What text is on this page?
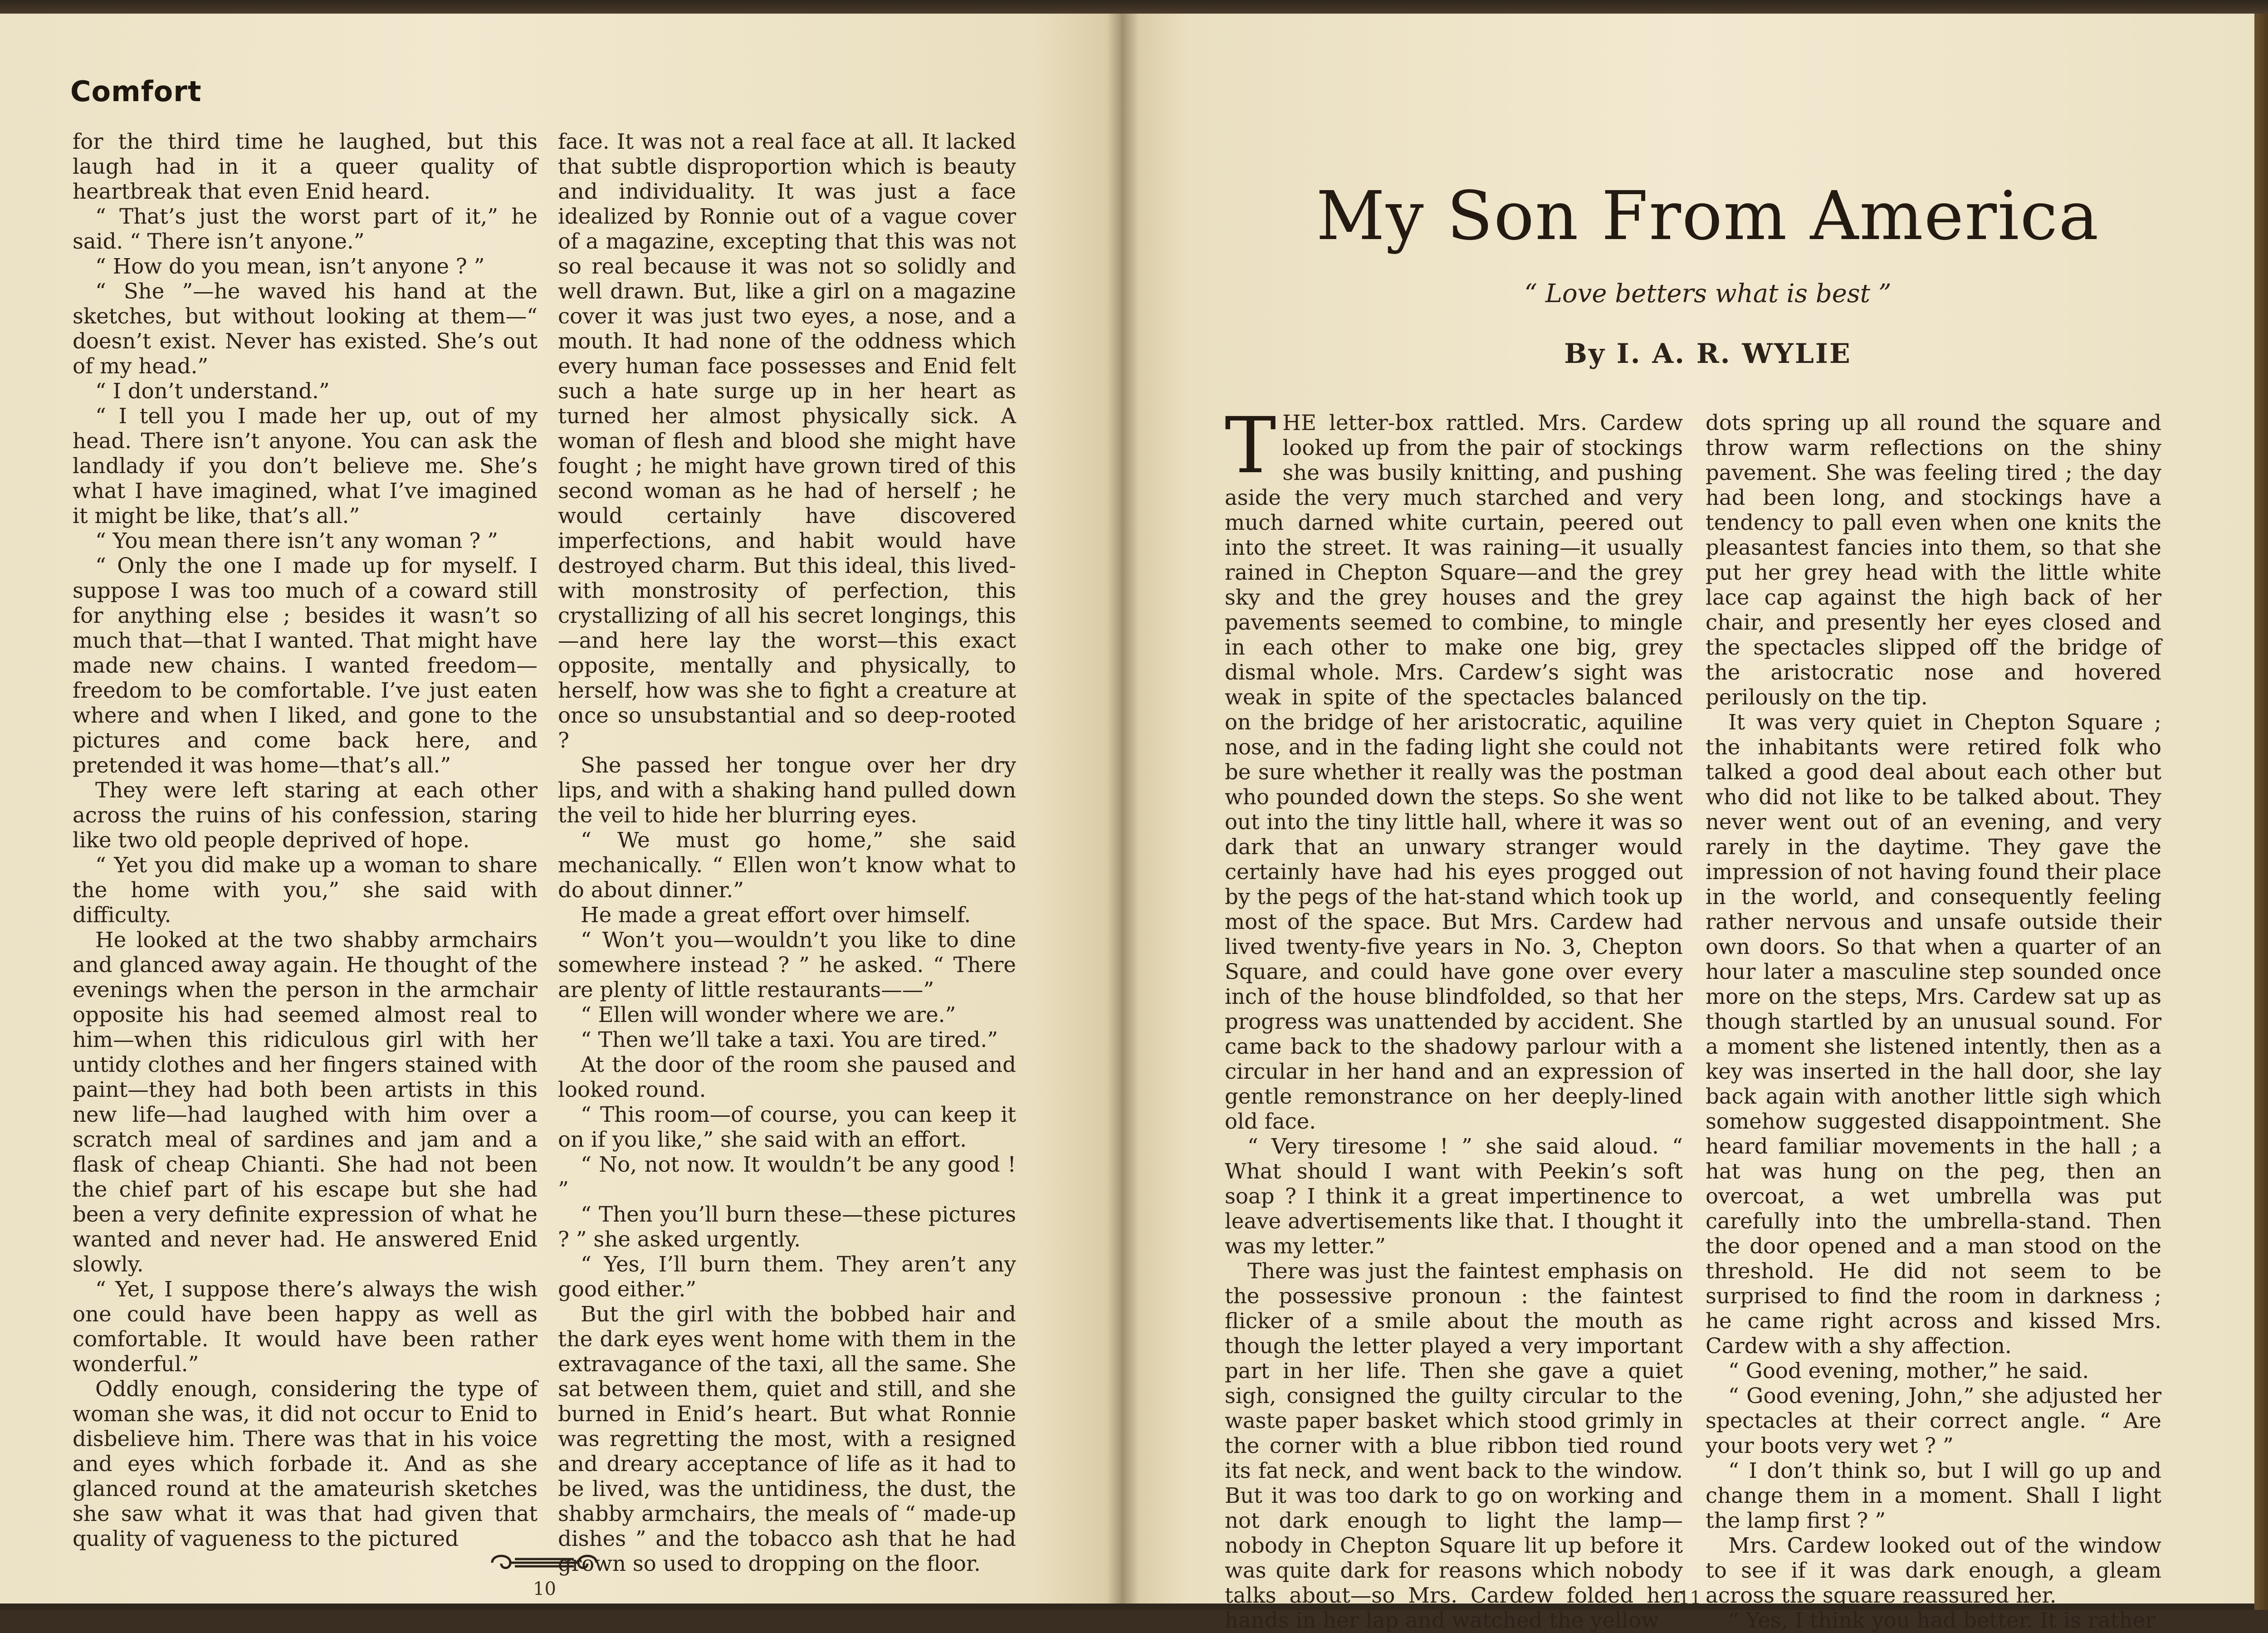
Comfort

for the third time he laughed, but this laugh had in it a queer quality of heartbreak that even Enid heard.

“ That’s just the worst part of it,” he said. “ There isn’t anyone.”

“ How do you mean, isn’t anyone ? ”

“ She ”—he waved his hand at the sketches, but without looking at them—“ doesn’t exist. Never has existed. She’s out of my head.”

“ I don’t understand.”

“ I tell you I made her up, out of my head. There isn’t anyone. You can ask the landlady if you don’t believe me. She’s what I have imagined, what I’ve imagined it might be like, that’s all.”

“ You mean there isn’t any woman ? ”

“ Only the one I made up for myself. I suppose I was too much of a coward still for anything else ; besides it wasn’t so much that—that I wanted. That might have made new chains. I wanted freedom—freedom to be comfortable. I’ve just eaten where and when I liked, and gone to the pictures and come back here, and pretended it was home—that’s all.”

They were left staring at each other across the ruins of his confession, staring like two old people deprived of hope.

“ Yet you did make up a woman to share the home with you,” she said with difficulty.

He looked at the two shabby armchairs and glanced away again. He thought of the evenings when the person in the armchair opposite his had seemed almost real to him—when this ridiculous girl with her untidy clothes and her fingers stained with paint—they had both been artists in this new life—had laughed with him over a scratch meal of sardines and jam and a flask of cheap Chianti. She had not been the chief part of his escape but she had been a very definite expression of what he wanted and never had. He answered Enid slowly.

“ Yet, I suppose there’s always the wish one could have been happy as well as comfortable. It would have been rather wonderful.”

Oddly enough, considering the type of woman she was, it did not occur to Enid to disbelieve him. There was that in his voice and eyes which forbade it. And as she glanced round at the amateurish sketches she saw what it was that had given that quality of vagueness to the pictured

face. It was not a real face at all. It lacked that subtle disproportion which is beauty and individuality. It was just a face idealized by Ronnie out of a vague cover of a magazine, excepting that this was not so real because it was not so solidly and well drawn. But, like a girl on a magazine cover it was just two eyes, a nose, and a mouth. It had none of the oddness which every human face possesses and Enid felt such a hate surge up in her heart as turned her almost physically sick. A woman of flesh and blood she might have fought ; he might have grown tired of this second woman as he had of herself ; he would certainly have discovered imperfections, and habit would have destroyed charm. But this ideal, this lived-with monstrosity of perfection, this crystallizing of all his secret longings, this—and here lay the worst—this exact opposite, mentally and physically, to herself, how was she to fight a creature at once so unsubstantial and so deep-rooted ?

She passed her tongue over her dry lips, and with a shaking hand pulled down the veil to hide her blurring eyes.

“ We must go home,” she said mechanically. “ Ellen won’t know what to do about dinner.”

He made a great effort over himself.

“ Won’t you—wouldn’t you like to dine somewhere instead ? ” he asked. “ There are plenty of little restaurants——”

“ Ellen will wonder where we are.”

“ Then we’ll take a taxi. You are tired.”

At the door of the room she paused and looked round.

“ This room—of course, you can keep it on if you like,” she said with an effort.

“ No, not now. It wouldn’t be any good ! ”

“ Then you’ll burn these—these pictures ? ” she asked urgently.

“ Yes, I’ll burn them. They aren’t any good either.”

But the girl with the bobbed hair and the dark eyes went home with them in the extravagance of the taxi, all the same. She sat between them, quiet and still, and she burned in Enid’s heart. But what Ronnie was regretting the most, with a resigned and dreary acceptance of life as it had to be lived, was the untidiness, the dust, the shabby armchairs, the meals of “ made-up dishes ” and the tobacco ash that he had grown so used to dropping on the floor.

10
My Son From America
“ Love betters what is best ”
By I. A. R. WYLIE

THE letter-box rattled. Mrs. Cardew looked up from the pair of stockings she was busily knitting, and pushing aside the very much starched and very much darned white curtain, peered out into the street. It was raining—it usually rained in Chepton Square—and the grey sky and the grey houses and the grey pavements seemed to combine, to mingle in each other to make one big, grey dismal whole. Mrs. Cardew’s sight was weak in spite of the spectacles balanced on the bridge of her aristocratic, aquiline nose, and in the fading light she could not be sure whether it really was the postman who pounded down the steps. So she went out into the tiny little hall, where it was so dark that an unwary stranger would certainly have had his eyes progged out by the pegs of the hat-stand which took up most of the space. But Mrs. Cardew had lived twenty-five years in No. 3, Chepton Square, and could have gone over every inch of the house blindfolded, so that her progress was unattended by accident. She came back to the shadowy parlour with a circular in her hand and an expression of gentle remonstrance on her deeply-lined old face.

“ Very tiresome ! ” she said aloud. “ What should I want with Peekin’s soft soap ? I think it a great impertinence to leave advertisements like that. I thought it was my letter.”

There was just the faintest emphasis on the possessive pronoun : the faintest flicker of a smile about the mouth as though the letter played a very important part in her life. Then she gave a quiet sigh, consigned the guilty circular to the waste paper basket which stood grimly in the corner with a blue ribbon tied round its fat neck, and went back to the window. But it was too dark to go on working and not dark enough to light the lamp—nobody in Chepton Square lit up before it was quite dark for reasons which nobody talks about—so Mrs. Cardew folded her hands in her lap and watched the yellow

dots spring up all round the square and throw warm reflections on the shiny pavement. She was feeling tired ; the day had been long, and stockings have a tendency to pall even when one knits the pleasantest fancies into them, so that she put her grey head with the little white lace cap against the high back of her chair, and presently her eyes closed and the spectacles slipped off the bridge of the aristocratic nose and hovered perilously on the tip.

It was very quiet in Chepton Square ; the inhabitants were retired folk who talked a good deal about each other but who did not like to be talked about. They never went out of an evening, and very rarely in the daytime. They gave the impression of not having found their place in the world, and consequently feeling rather nervous and unsafe outside their own doors. So that when a quarter of an hour later a masculine step sounded once more on the steps, Mrs. Cardew sat up as though startled by an unusual sound. For a moment she listened intently, then as a key was inserted in the hall door, she lay back again with another little sigh which somehow suggested disappointment. She heard familiar movements in the hall ; a hat was hung on the peg, then an overcoat, a wet umbrella was put carefully into the umbrella-stand. Then the door opened and a man stood on the threshold. He did not seem to be surprised to find the room in darkness ; he came right across and kissed Mrs. Cardew with a shy affection.

“ Good evening, mother,” he said.

“ Good evening, John,” she adjusted her spectacles at their correct angle. “ Are your boots very wet ? ”

“ I don’t think so, but I will go up and change them in a moment. Shall I light the lamp first ? ”

Mrs. Cardew looked out of the window to see if it was dark enough, a gleam across the square reassured her.

“ Yes, I think you had better. It is rather

11
